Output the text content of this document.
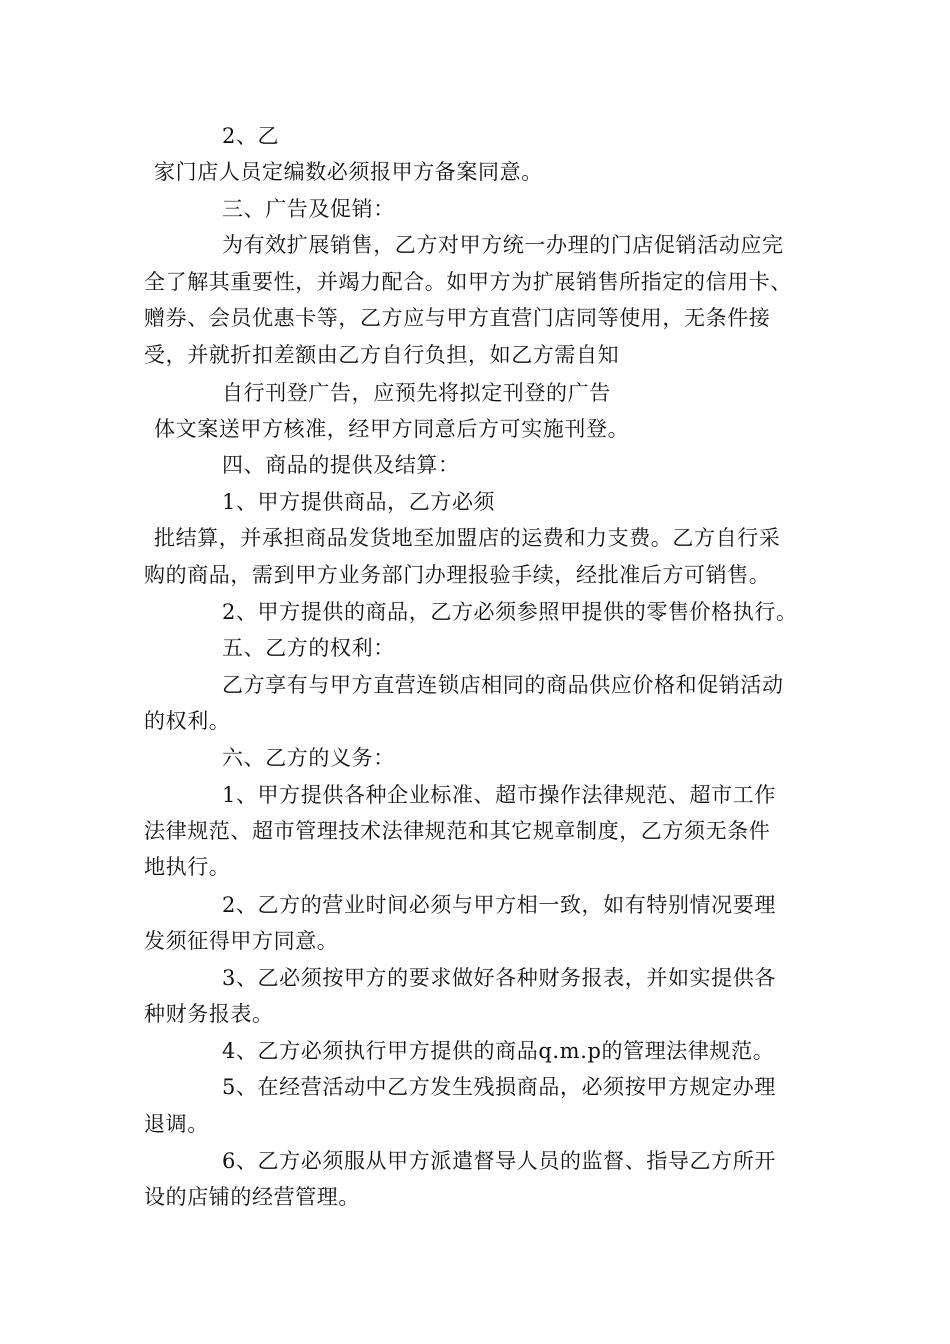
2、乙
家门店人员定编数必须报甲方备案同意。
三、广告及促销：
为有效扩展销售，乙方对甲方统一办理的门店促销活动应完
全了解其重要性，并竭力配合。如甲方为扩展销售所指定的信用卡、
赠券、会员优惠卡等，乙方应与甲方直营门店同等使用，无条件接
受，并就折扣差额由乙方自行负担，如乙方需自知
自行刊登广告，应预先将拟定刊登的广告
体文案送甲方核准，经甲方同意后方可实施刊登。
四、商品的提供及结算：
1、甲方提供商品，乙方必须
批结算，并承担商品发货地至加盟店的运费和力支费。乙方自行采
购的商品，需到甲方业务部门办理报验手续，经批准后方可销售。
2、甲方提供的商品，乙方必须参照甲提供的零售价格执行。
五、乙方的权利：
乙方享有与甲方直营连锁店相同的商品供应价格和促销活动
的权利。
六、乙方的义务：
1、甲方提供各种企业标准、超市操作法律规范、超市工作
法律规范、超市管理技术法律规范和其它规章制度，乙方须无条件
地执行。
2、乙方的营业时间必须与甲方相一致，如有特别情况要理
发须征得甲方同意。
3、乙必须按甲方的要求做好各种财务报表，并如实提供各
种财务报表。
4、乙方必须执行甲方提供的商品q.m.p的管理法律规范。
5、在经营活动中乙方发生残损商品，必须按甲方规定办理
退调。
6、乙方必须服从甲方派遣督导人员的监督、指导乙方所开
设的店铺的经营管理。
